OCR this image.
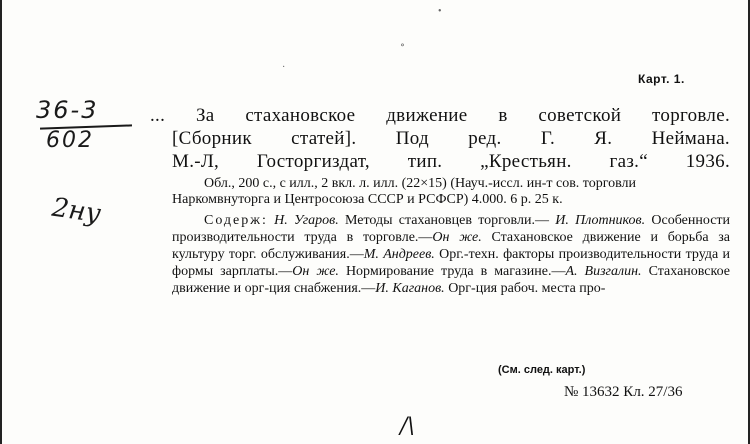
•
∘
·
Карт. 1.
36-3
602
2ну
... За стахановское движение в советской торговле.
[Сборник статей]. Под ред. Г. Я. Неймана.
М.-Л, Госторгиздат, тип. „Крестьян. газ.“ 1936.
Обл., 200 с., с илл., 2 вкл. л. илл. (22×15) (Науч.-иссл. ин-т сов. торговли Наркомвнуторга и Центросоюза СССР и РСФСР) 4.000. 6 р. 25 к.
Содерж: Н. Угаров. Методы стахановцев торговли.— И. Плотников. Особенности производительности труда в торговле.—Он же. Стахановское движение и борьба за культуру торг. обслуживания.—М. Андреев. Орг.-техн. факторы производительности труда и формы зарплаты.—Он же. Нормирование труда в магазине.—А. Визгалин. Стахановское движение и орг-ция снабжения.—И. Каганов. Орг-ция рабоч. места про-
(См. след. карт.)
№ 13632 Кл. 27/36
/\
